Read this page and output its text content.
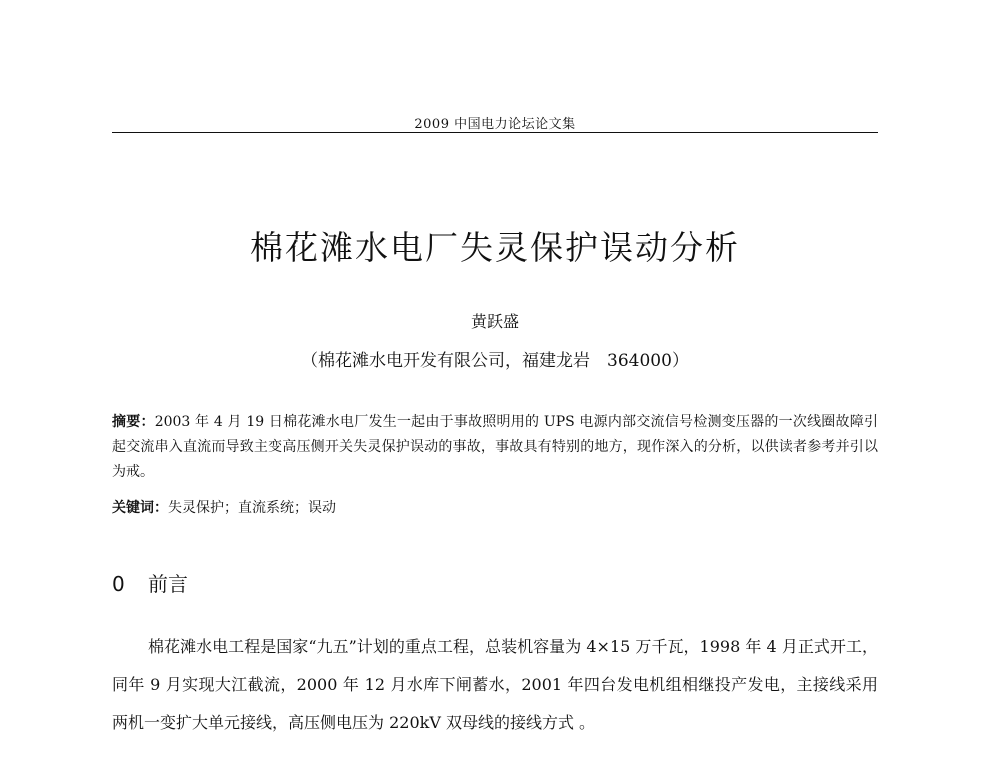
2009 中国电力论坛论文集
棉花滩水电厂失灵保护误动分析
黄跃盛
（棉花滩水电开发有限公司，福建龙岩　364000）
摘要：2003 年 4 月 19 日棉花滩水电厂发生一起由于事故照明用的 UPS 电源内部交流信号检测变压器的一次线圈故障引起交流串入直流而导致主变高压侧开关失灵保护误动的事故，事故具有特别的地方，现作深入的分析，以供读者参考并引以为戒。
关键词：失灵保护；直流系统；误动
0 前言
棉花滩水电工程是国家“九五”计划的重点工程，总装机容量为 4×15 万千瓦，1998 年 4 月正式开工，同年 9 月实现大江截流，2000 年 12 月水库下闸蓄水，2001 年四台发电机组相继投产发电，主接线采用两机一变扩大单元接线，高压侧电压为 220kV 双母线的接线方式 。
